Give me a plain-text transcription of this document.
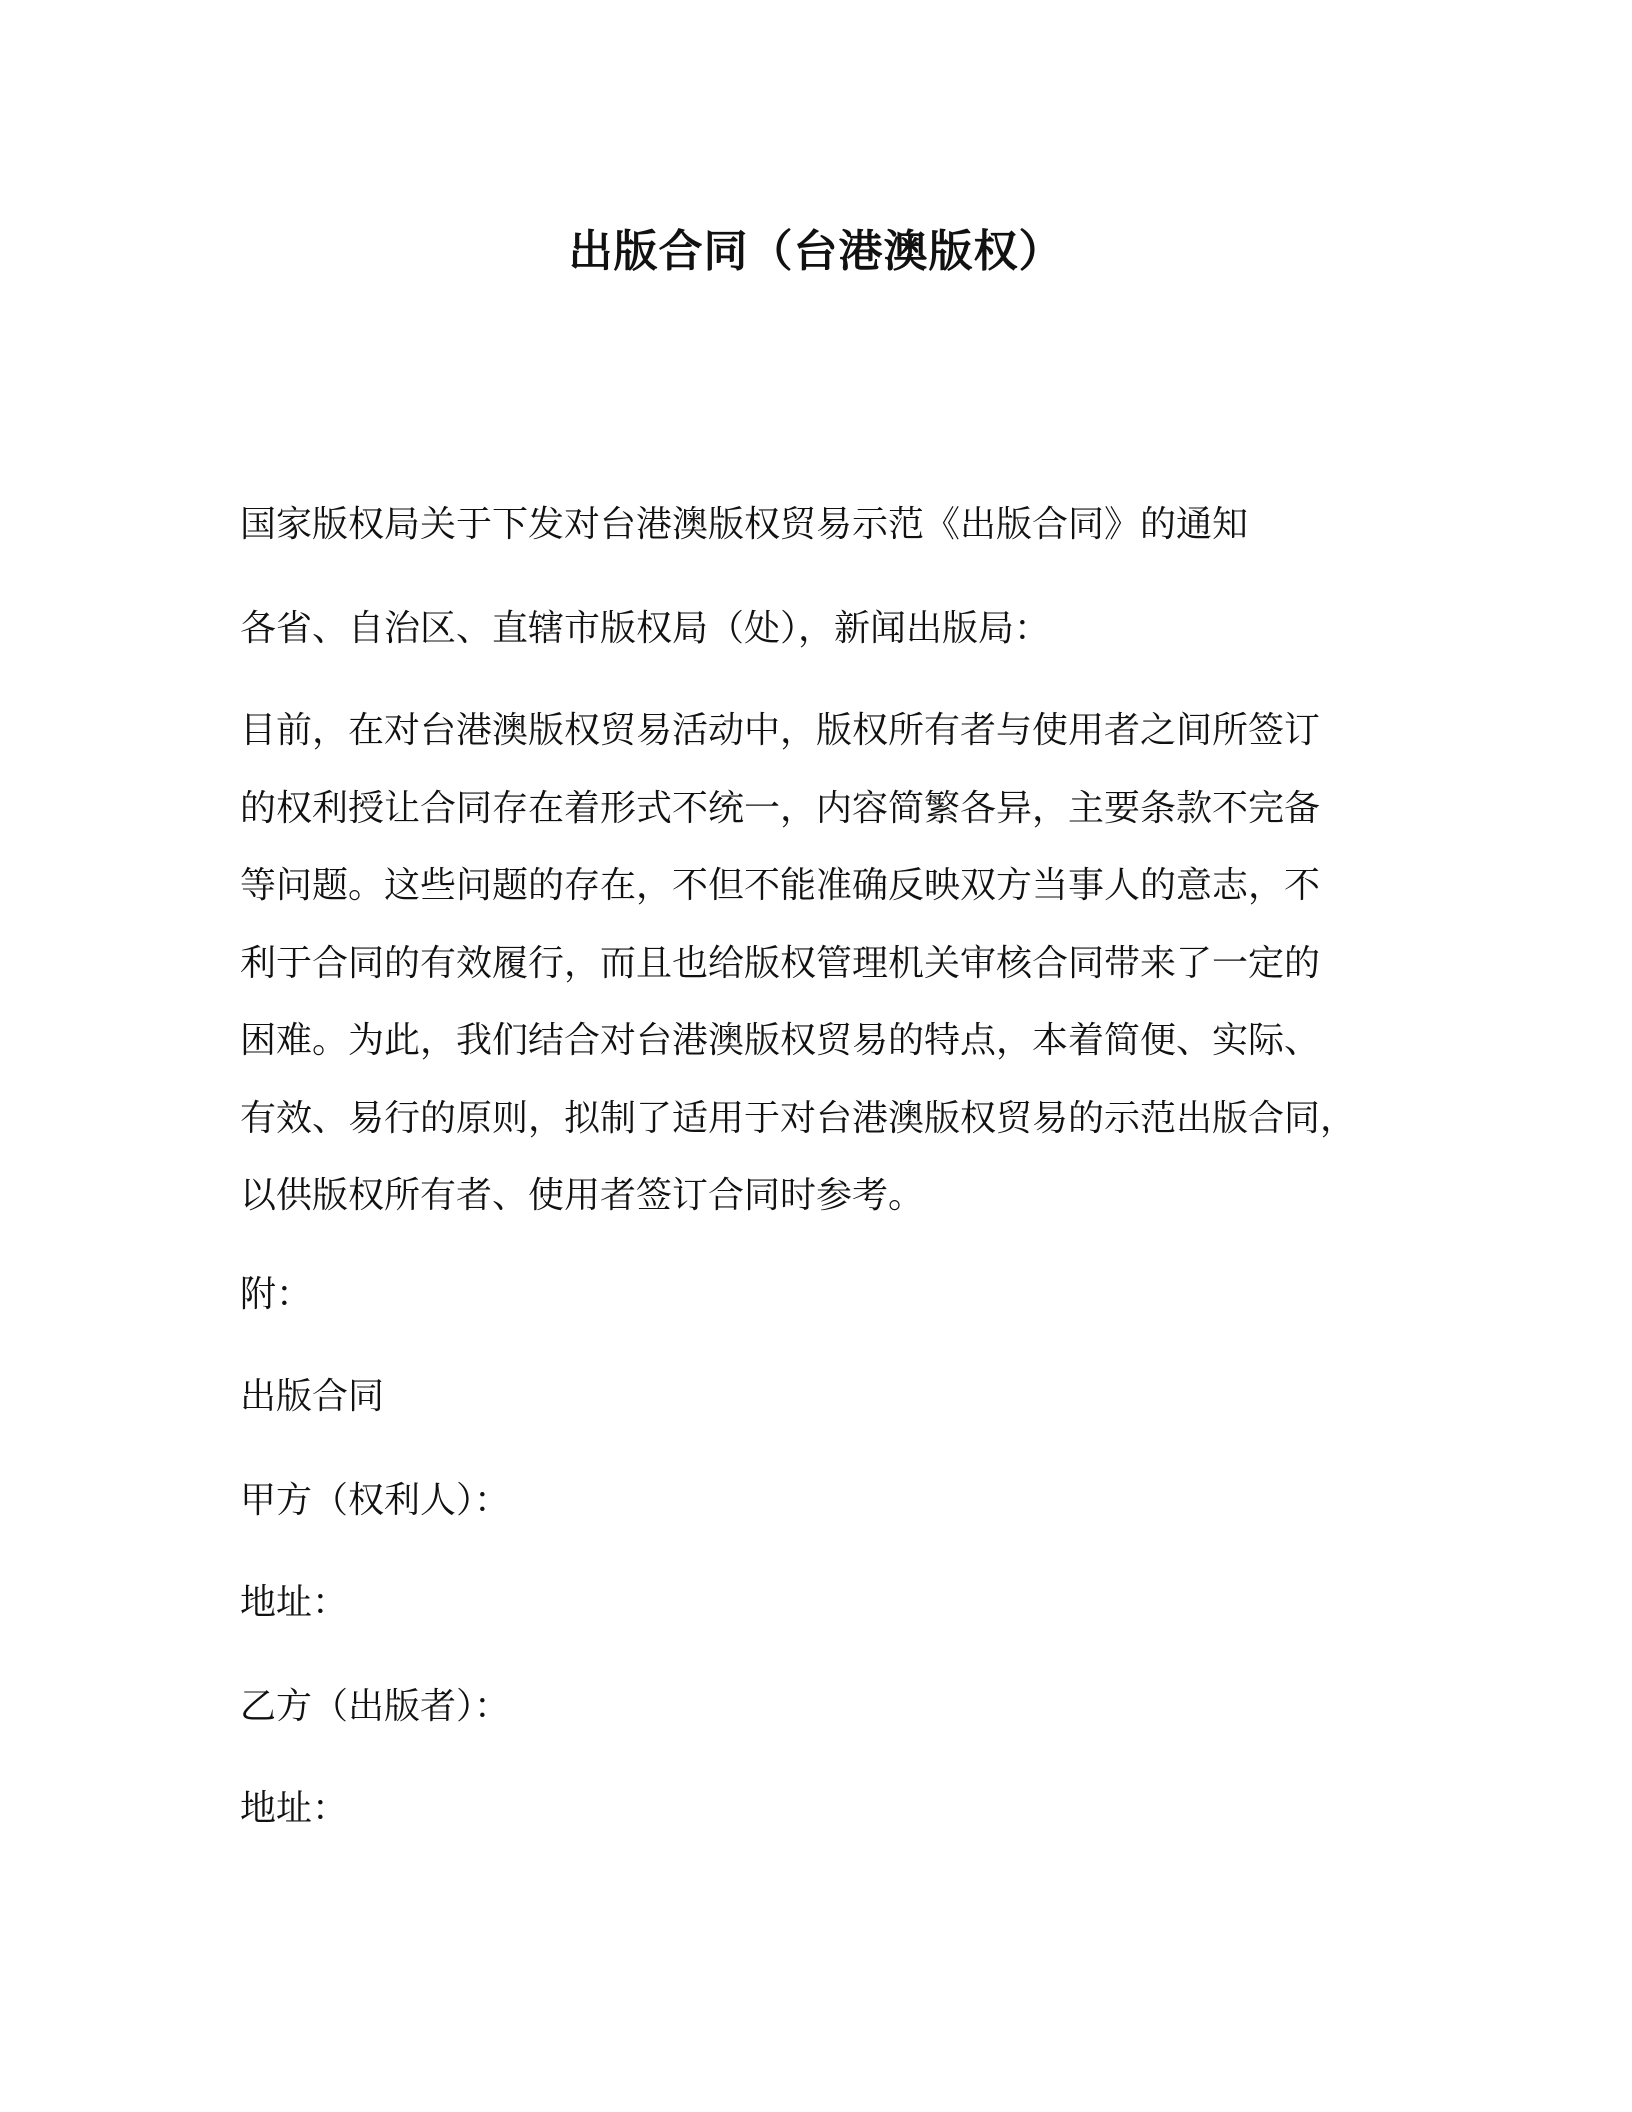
出版合同（台港澳版权）
国家版权局关于下发对台港澳版权贸易示范《出版合同》的通知
各省、自治区、直辖市版权局（处），新闻出版局：
目前，在对台港澳版权贸易活动中，版权所有者与使用者之间所签订
的权利授让合同存在着形式不统一，内容简繁各异，主要条款不完备
等问题。这些问题的存在，不但不能准确反映双方当事人的意志，不
利于合同的有效履行，而且也给版权管理机关审核合同带来了一定的
困难。为此，我们结合对台港澳版权贸易的特点，本着简便、实际、
有效、易行的原则，拟制了适用于对台港澳版权贸易的示范出版合同，
以供版权所有者、使用者签订合同时参考。
附：
出版合同
甲方（权利人）：
地址：
乙方（出版者）：
地址：
